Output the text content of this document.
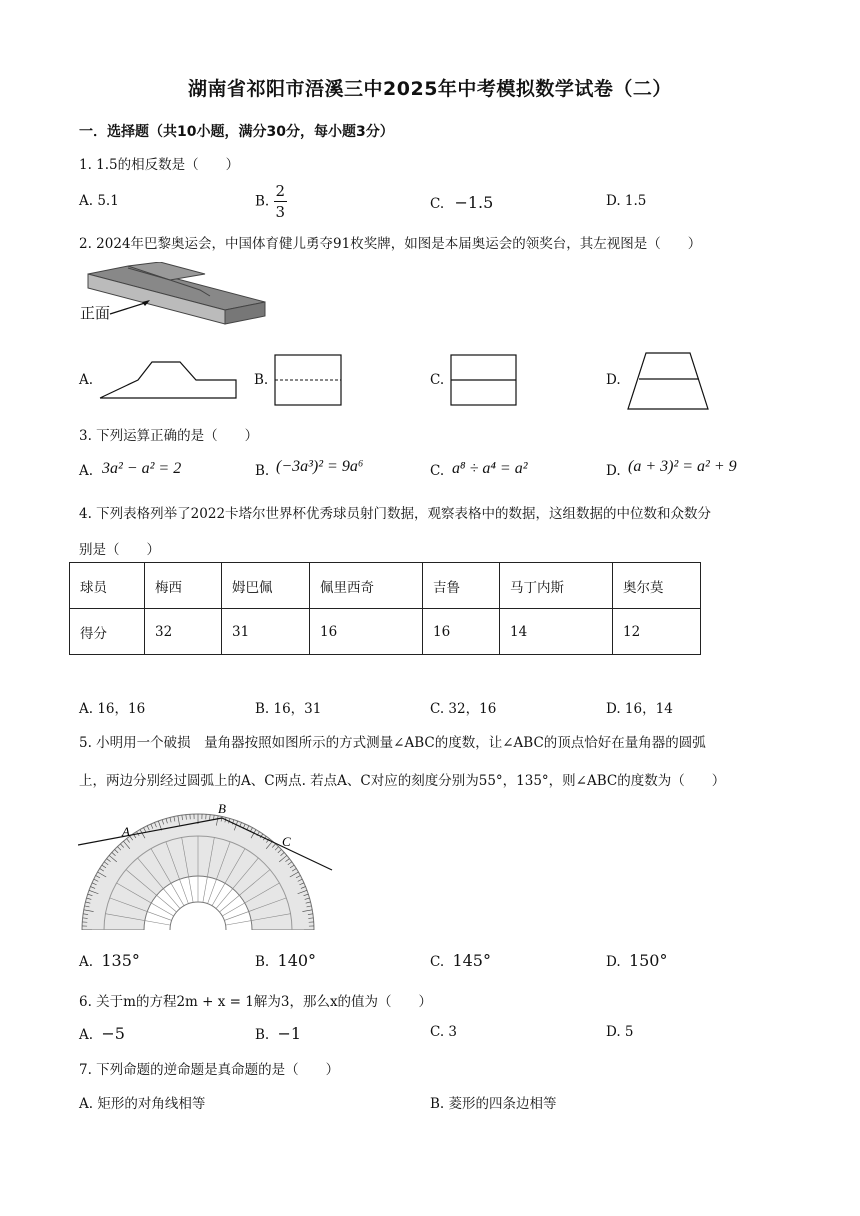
湖南省祁阳市浯溪三中2025年中考模拟数学试卷（二）
一．选择题（共10小题，满分30分，每小题3分）
1. 1.5的相反数是（　　）
A. 5.1	B. $\frac{2}{3}$	C. −1.5	D. 1.5
2. 2024年巴黎奥运会，中国体育健儿勇夺91枚奖牌，如图是本届奥运会的领奖台，其左视图是（　　）
正面
A.	B.	C.	D.
3. 下列运算正确的是（　　）
A. 3a² − a² = 2	B. (−3a³)² = 9a⁶	C. a⁸ ÷ a⁴ = a²	D. (a + 3)² = a² + 9
4. 下列表格列举了2022卡塔尔世界杯优秀球员射门数据，观察表格中的数据，这组数据的中位数和众数分
别是（　　）
球员	梅西	姆巴佩	佩里西奇	吉鲁	马丁内斯	奥尔莫
得分	32	31	16	16	14	12
A. 16，16	B. 16，31	C. 32，16	D. 16，14
5. 小明用一个破损　量角器按照如图所示的方式测量∠ABC的度数，让∠ABC的顶点恰好在量角器的圆弧
上，两边分别经过圆弧上的A、C两点. 若点A、C对应的刻度分别为55°，135°，则∠ABC的度数为（　　）
A
B
C
A. 135°	B. 140°	C. 145°	D. 150°
6. 关于m的方程2m + x = 1解为3，那么x的值为（　　）
A. −5	B. −1	C. 3	D. 5
7. 下列命题的逆命题是真命题的是（　　）
A. 矩形的对角线相等	B. 菱形的四条边相等
